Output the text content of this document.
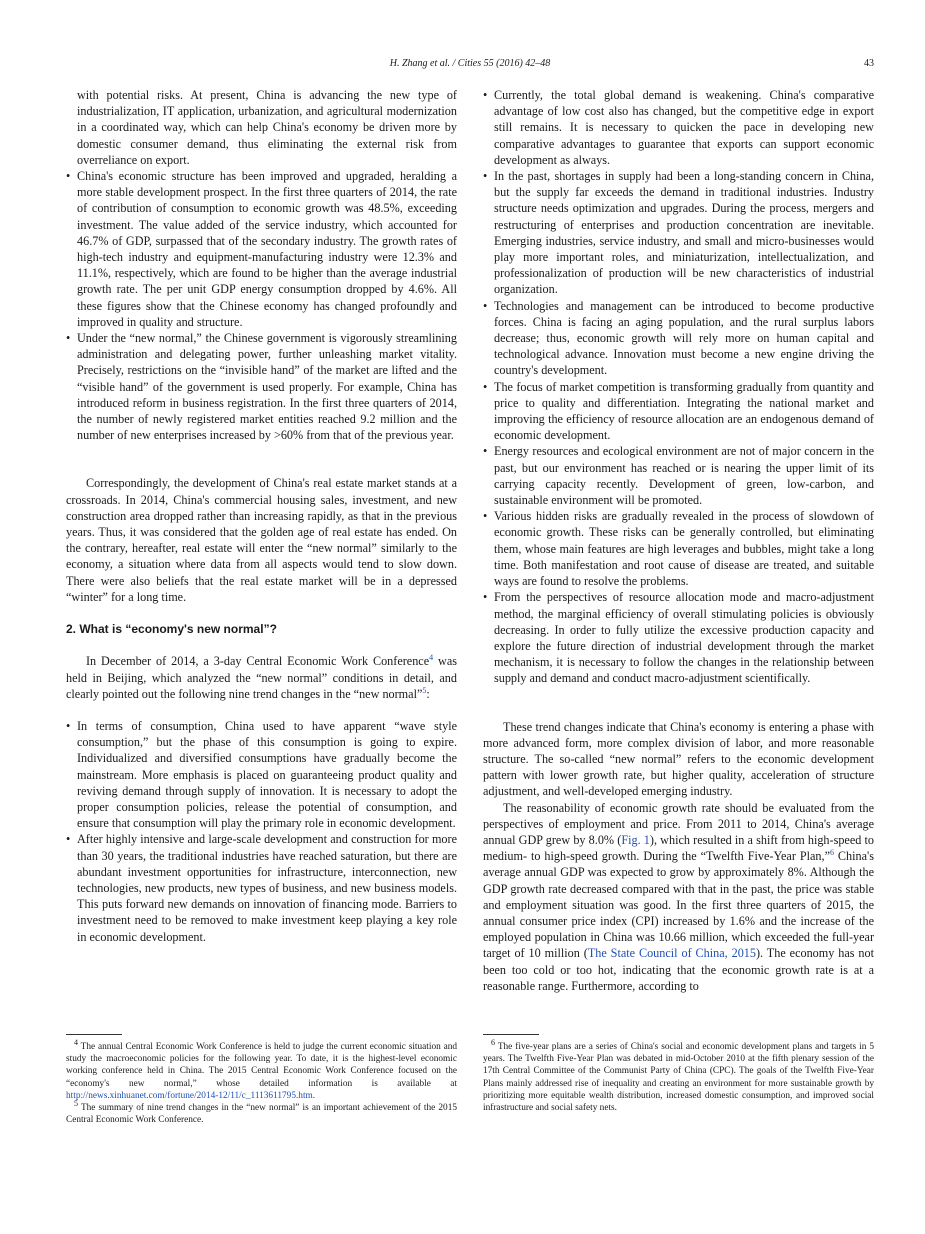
H. Zhang et al. / Cities 55 (2016) 42–48	43
with potential risks. At present, China is advancing the new type of industrialization, IT application, urbanization, and agricultural modernization in a coordinated way, which can help China's economy be driven more by domestic consumer demand, thus eliminating the external risk from overreliance on export.
• China's economic structure has been improved and upgraded, heralding a more stable development prospect. In the first three quarters of 2014, the rate of contribution of consumption to economic growth was 48.5%, exceeding investment. The value added of the service industry, which accounted for 46.7% of GDP, surpassed that of the secondary industry. The growth rates of high-tech industry and equipment-manufacturing industry were 12.3% and 11.1%, respectively, which are found to be higher than the average industrial growth rate. The per unit GDP energy consumption dropped by 4.6%. All these figures show that the Chinese economy has changed profoundly and improved in quality and structure.
• Under the “new normal,” the Chinese government is vigorously streamlining administration and delegating power, further unleashing market vitality. Precisely, restrictions on the “invisible hand” of the market are lifted and the “visible hand” of the government is used properly. For example, China has introduced reform in business registration. In the first three quarters of 2014, the number of newly registered market entities reached 9.2 million and the number of new enterprises increased by >60% from that of the previous year.

Correspondingly, the development of China's real estate market stands at a crossroads. In 2014, China's commercial housing sales, investment, and new construction area dropped rather than increasing rapidly, as that in the previous years. Thus, it was considered that the golden age of real estate has ended. On the contrary, hereafter, real estate will enter the “new normal” similarly to the economy, a situation where data from all aspects would tend to slow down. There were also beliefs that the real estate market will be in a depressed “winter” for a long time.

2. What is “economy's new normal”?

In December of 2014, a 3-day Central Economic Work Conference$^4$ was held in Beijing, which analyzed the “new normal” conditions in detail, and clearly pointed out the following nine trend changes in the “new normal”$^5$:

• In terms of consumption, China used to have apparent “wave style consumption,” but the phase of this consumption is going to expire. Individualized and diversified consumptions have gradually become the mainstream. More emphasis is placed on guaranteeing product quality and reviving demand through supply of innovation. It is necessary to adopt the proper consumption policies, release the potential of consumption, and ensure that consumption will play the primary role in economic development.
• After highly intensive and large-scale development and construction for more than 30 years, the traditional industries have reached saturation, but there are abundant investment opportunities for infrastructure, interconnection, new technologies, new products, new types of business, and new business models. This puts forward new demands on innovation of financing mode. Barriers to investment need to be removed to make investment keep playing a key role in economic development.
• Currently, the total global demand is weakening. China's comparative advantage of low cost also has changed, but the competitive edge in export still remains. It is necessary to quicken the pace in developing new comparative advantages to guarantee that exports can support economic development as always.
• In the past, shortages in supply had been a long-standing concern in China, but the supply far exceeds the demand in traditional industries. Industry structure needs optimization and upgrades. During the process, mergers and restructuring of enterprises and production concentration are inevitable. Emerging industries, service industry, and small and micro-businesses would play more important roles, and miniaturization, intellectualization, and professionalization of production will be new characteristics of industrial organization.
• Technologies and management can be introduced to become productive forces. China is facing an aging population, and the rural surplus labors decrease; thus, economic growth will rely more on human capital and technological advance. Innovation must become a new engine driving the country's development.
• The focus of market competition is transforming gradually from quantity and price to quality and differentiation. Integrating the national market and improving the efficiency of resource allocation are an endogenous demand of economic development.
• Energy resources and ecological environment are not of major concern in the past, but our environment has reached or is nearing the upper limit of its carrying capacity recently. Development of green, low-carbon, and sustainable environment will be promoted.
• Various hidden risks are gradually revealed in the process of slowdown of economic growth. These risks can be generally controlled, but eliminating them, whose main features are high leverages and bubbles, might take a long time. Both manifestation and root cause of disease are treated, and suitable ways are found to resolve the problems.
• From the perspectives of resource allocation mode and macro-adjustment method, the marginal efficiency of overall stimulating policies is obviously decreasing. In order to fully utilize the excessive production capacity and explore the future direction of industrial development through the market mechanism, it is necessary to follow the changes in the relationship between supply and demand and conduct macro-adjustment scientifically.

These trend changes indicate that China's economy is entering a phase with more advanced form, more complex division of labor, and more reasonable structure. The so-called “new normal” refers to the economic development pattern with lower growth rate, but higher quality, acceleration of structure adjustment, and well-developed emerging industry.

The reasonability of economic growth rate should be evaluated from the perspectives of employment and price. From 2011 to 2014, China's average annual GDP grew by 8.0% (Fig. 1), which resulted in a shift from high-speed to medium- to high-speed growth. During the “Twelfth Five-Year Plan,”$^6$ China's average annual GDP was expected to grow by approximately 8%. Although the GDP growth rate decreased compared with that in the past, the price was stable and employment situation was good. In the first three quarters of 2015, the annual consumer price index (CPI) increased by 1.6% and the increase of the employed population in China was 10.66 million, which exceeded the full-year target of 10 million (The State Council of China, 2015). The economy has not been too cold or too hot, indicating that the economic growth rate is at a reasonable range. Furthermore, according to

$^4$ The annual Central Economic Work Conference is held to judge the current economic situation and study the macroeconomic policies for the following year. To date, it is the highest-level economic working conference held in China. The 2015 Central Economic Work Conference focused on the “economy's new normal,” whose detailed information is available at http://news.xinhuanet.com/fortune/2014-12/11/c_1113611795.htm.

$^5$ The summary of nine trend changes in the “new normal” is an important achievement of the 2015 Central Economic Work Conference.

$^6$ The five-year plans are a series of China's social and economic development plans and targets in 5 years. The Twelfth Five-Year Plan was debated in mid-October 2010 at the fifth plenary session of the 17th Central Committee of the Communist Party of China (CPC). The goals of the Twelfth Five-Year Plans mainly addressed rise of inequality and creating an environment for more sustainable growth by prioritizing more equitable wealth distribution, increased domestic consumption, and improved social infrastructure and social safety nets.
